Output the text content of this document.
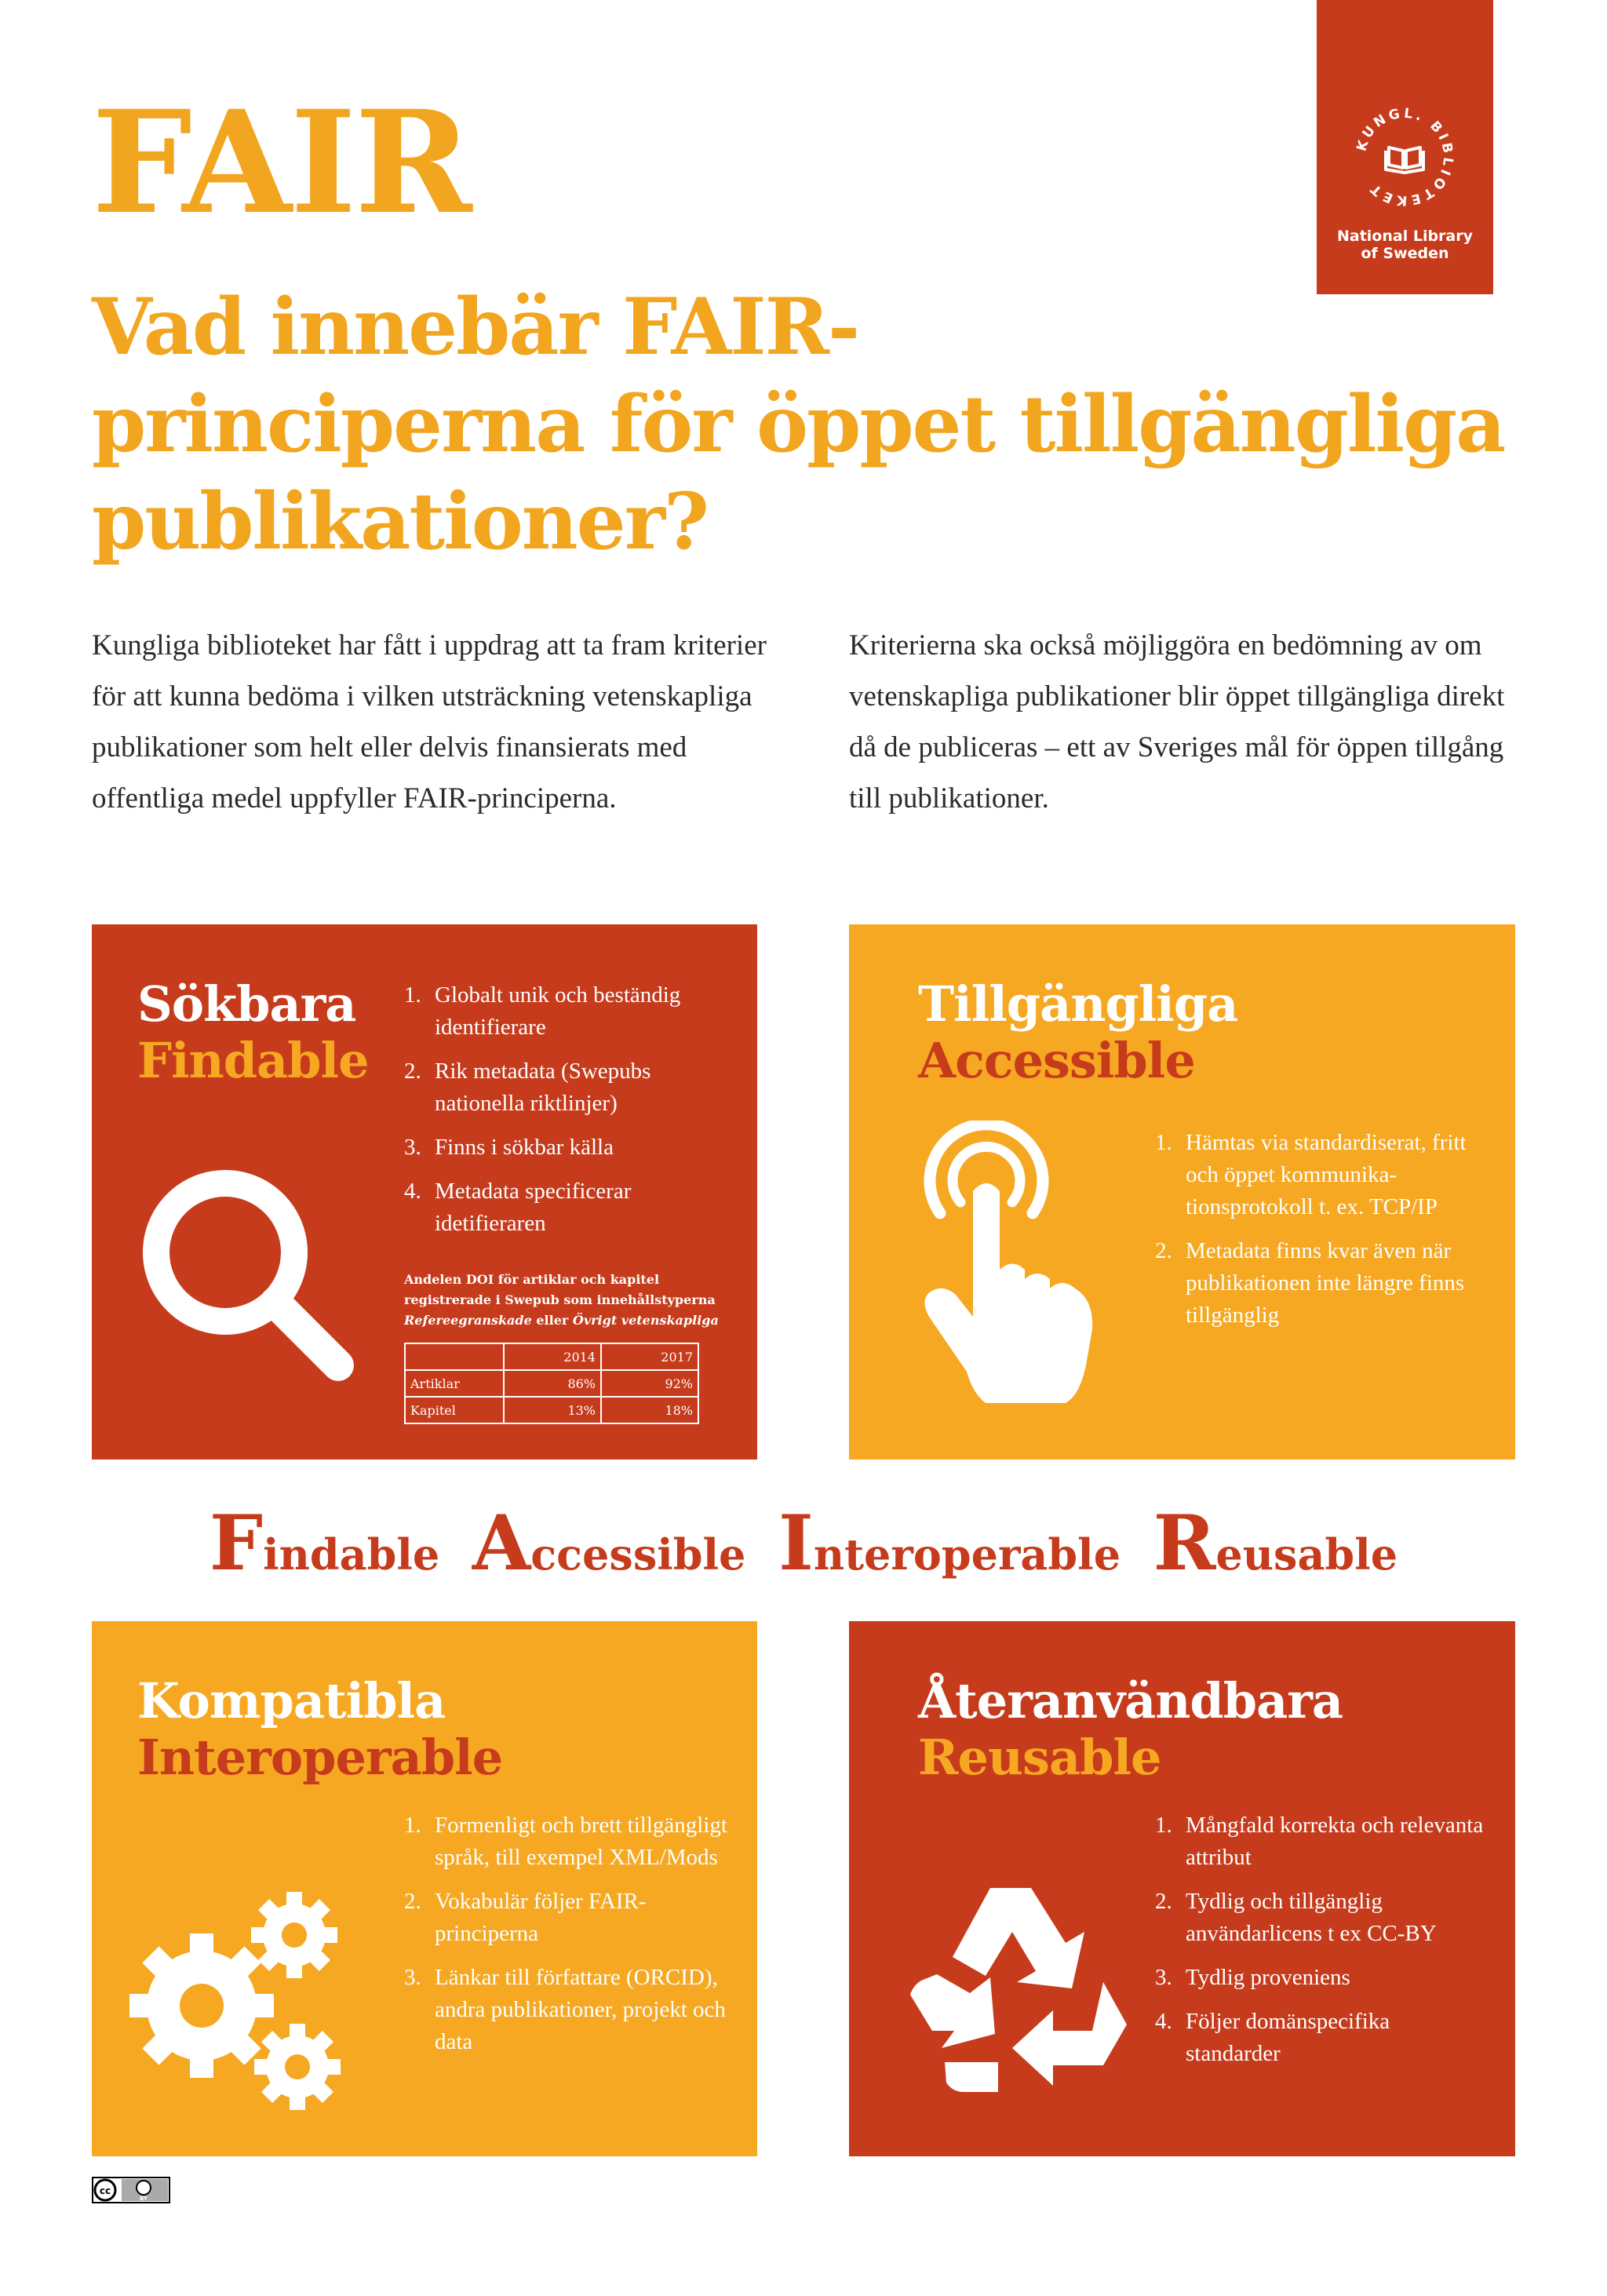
FAIR
Vad innebär FAIR-
principerna för öppet tillgängliga
publikationer?
KUNGL. BIBLIOTEKET
National Library
of Sweden

Kungliga biblioteket har fått i uppdrag att ta fram kriterier för att kunna bedöma i vilken utsträckning vetenskapliga publikationer som helt eller delvis finansierats med offentliga medel uppfyller FAIR-principerna.

Kriterierna ska också möjliggöra en bedömning av om vetenskapliga publikationer blir öppet tillgängliga direkt då de publiceras – ett av Sveriges mål för öppen tillgång till publikationer.

Sökbara
Findable
1. Globalt unik och beständig identifierare
2. Rik metadata (Swepubs nationella riktlinjer)
3. Finns i sökbar källa
4. Metadata specificerar idetifieraren

Andelen DOI för artiklar och kapitel registrerade i Swepub som innehållstyperna Refereegranskade eller Övrigt vetenskapliga

	2014	2017
Artiklar	86%	92%
Kapitel	13%	18%
Tillgängliga
Accessible
1. Hämtas via standardiserat, fritt och öppet kommunika-tionsprotokoll t. ex. TCP/IP
2. Metadata finns kvar även när publikationen inte längre finns tillgänglig
Findable Accessible Interoperable Reusable
Kompatibla
Interoperable
1. Formenligt och brett tillgängligt språk, till exempel XML/Mods
2. Vokabulär följer FAIR-principerna
3. Länkar till författare (ORCID), andra publikationer, projekt och data
Återanvändbara
Reusable
1. Mångfald korrekta och relevanta attribut
2. Tydlig och tillgänglig användarlicens t ex CC-BY
3. Tydlig proveniens
4. Följer domänspecifika standarder
cc
BY
